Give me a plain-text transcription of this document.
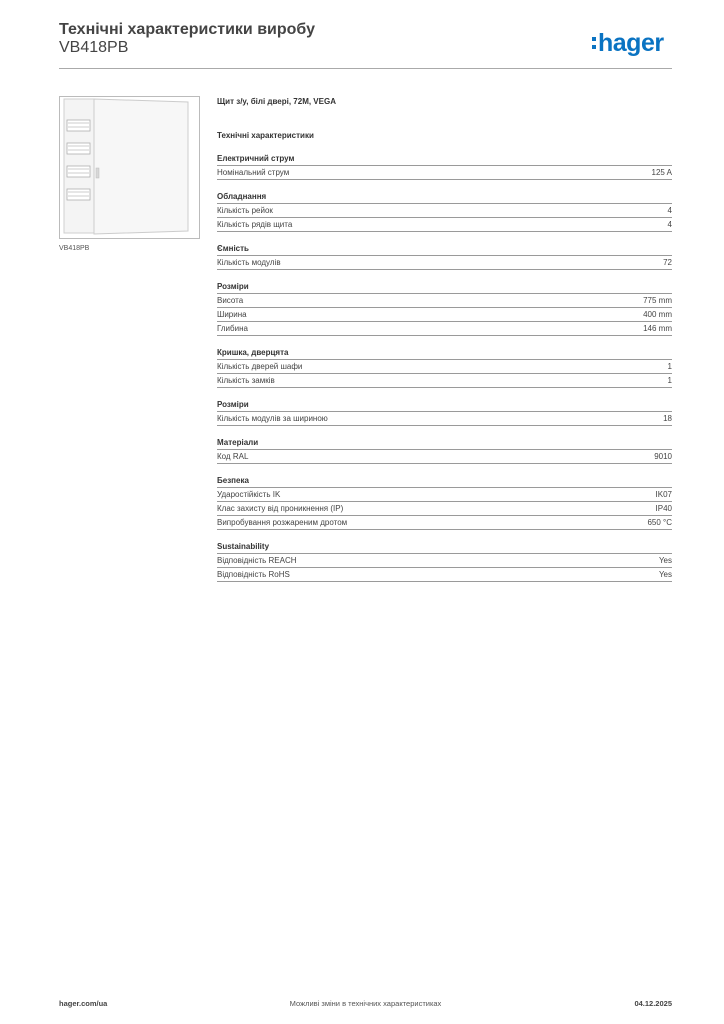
Технічні характеристики виробу
VB418PB	hager
VB418PB
Щит з/у, білі двері, 72M, VEGA
Технічні характеристики
Електричний струм
Номінальний струм	125 A
Обладнання
Кількість рейок	4
Кількість рядів щита	4
Ємність
Кількість модулів	72
Розміри
Висота	775 mm
Ширина	400 mm
Глибина	146 mm
Кришка, дверцята
Кількість дверей шафи	1
Кількість замків	1
Розміри
Кількість модулів за шириною	18
Матеріали
Код RAL	9010
Безпека
Ударостійкість IK	IK07
Клас захисту від проникнення (IP)	IP40
Випробування розжареним дротом	650 °C
Sustainability
Відповідність REACH	Yes
Відповідність RoHS	Yes
Можливі зміни в технічних характеристиках
hager.com/ua	04.12.2025
